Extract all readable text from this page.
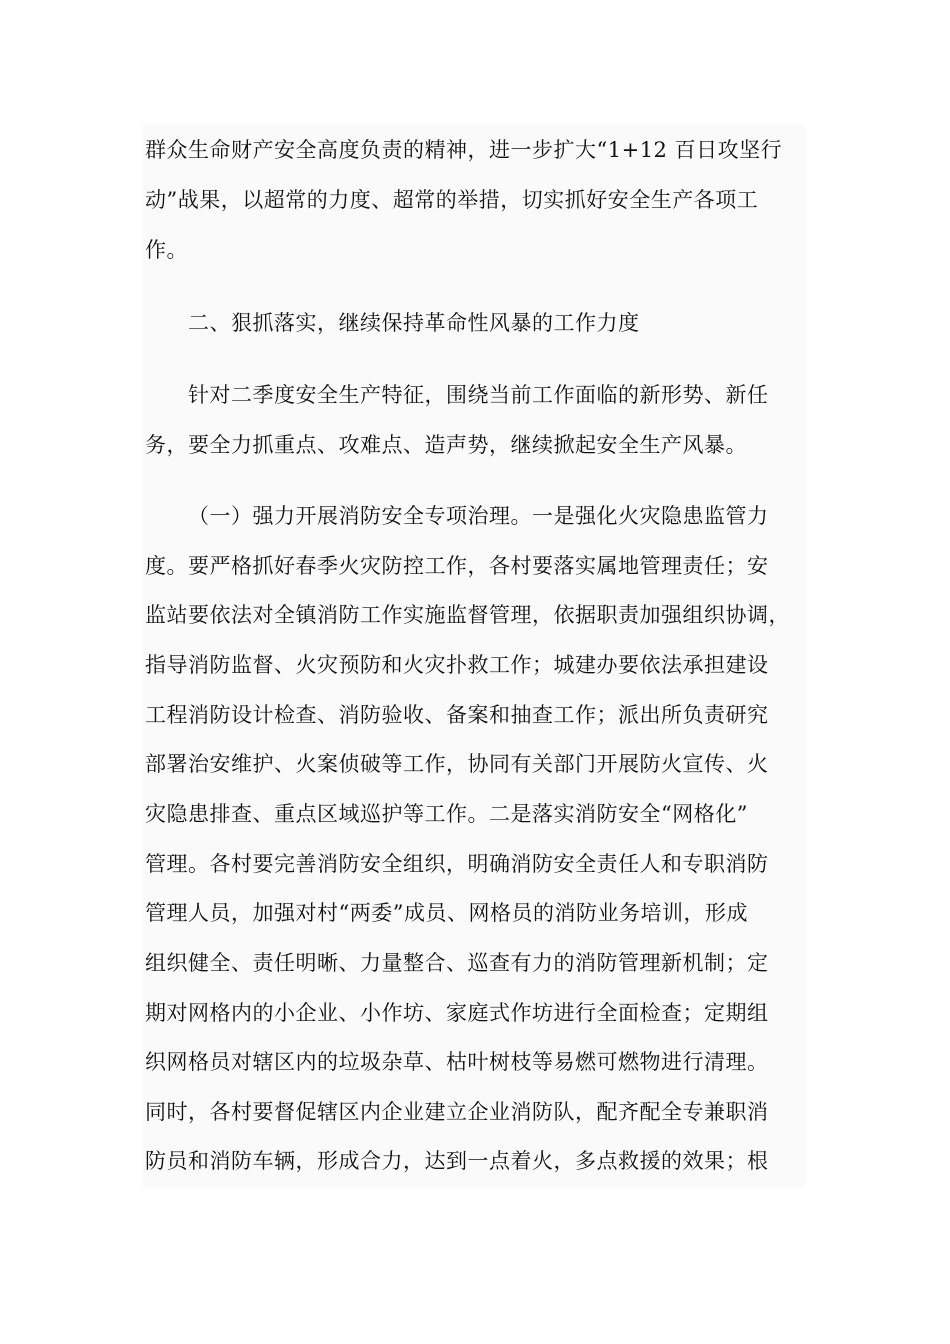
群众生命财产安全高度负责的精神，进一步扩大“1+12 百日攻坚行
动”战果，以超常的力度、超常的举措，切实抓好安全生产各项工
作。
二、狠抓落实，继续保持革命性风暴的工作力度
针对二季度安全生产特征，围绕当前工作面临的新形势、新任
务，要全力抓重点、攻难点、造声势，继续掀起安全生产风暴。
（一）强力开展消防安全专项治理。一是强化火灾隐患监管力
度。要严格抓好春季火灾防控工作，各村要落实属地管理责任；安
监站要依法对全镇消防工作实施监督管理，依据职责加强组织协调，
指导消防监督、火灾预防和火灾扑救工作；城建办要依法承担建设
工程消防设计检查、消防验收、备案和抽查工作；派出所负责研究
部署治安维护、火案侦破等工作，协同有关部门开展防火宣传、火
灾隐患排查、重点区域巡护等工作。二是落实消防安全“网格化”
管理。各村要完善消防安全组织，明确消防安全责任人和专职消防
管理人员，加强对村“两委”成员、网格员的消防业务培训，形成
组织健全、责任明晰、力量整合、巡查有力的消防管理新机制；定
期对网格内的小企业、小作坊、家庭式作坊进行全面检查；定期组
织网格员对辖区内的垃圾杂草、枯叶树枝等易燃可燃物进行清理。
同时，各村要督促辖区内企业建立企业消防队，配齐配全专兼职消
防员和消防车辆，形成合力，达到一点着火，多点救援的效果；根
